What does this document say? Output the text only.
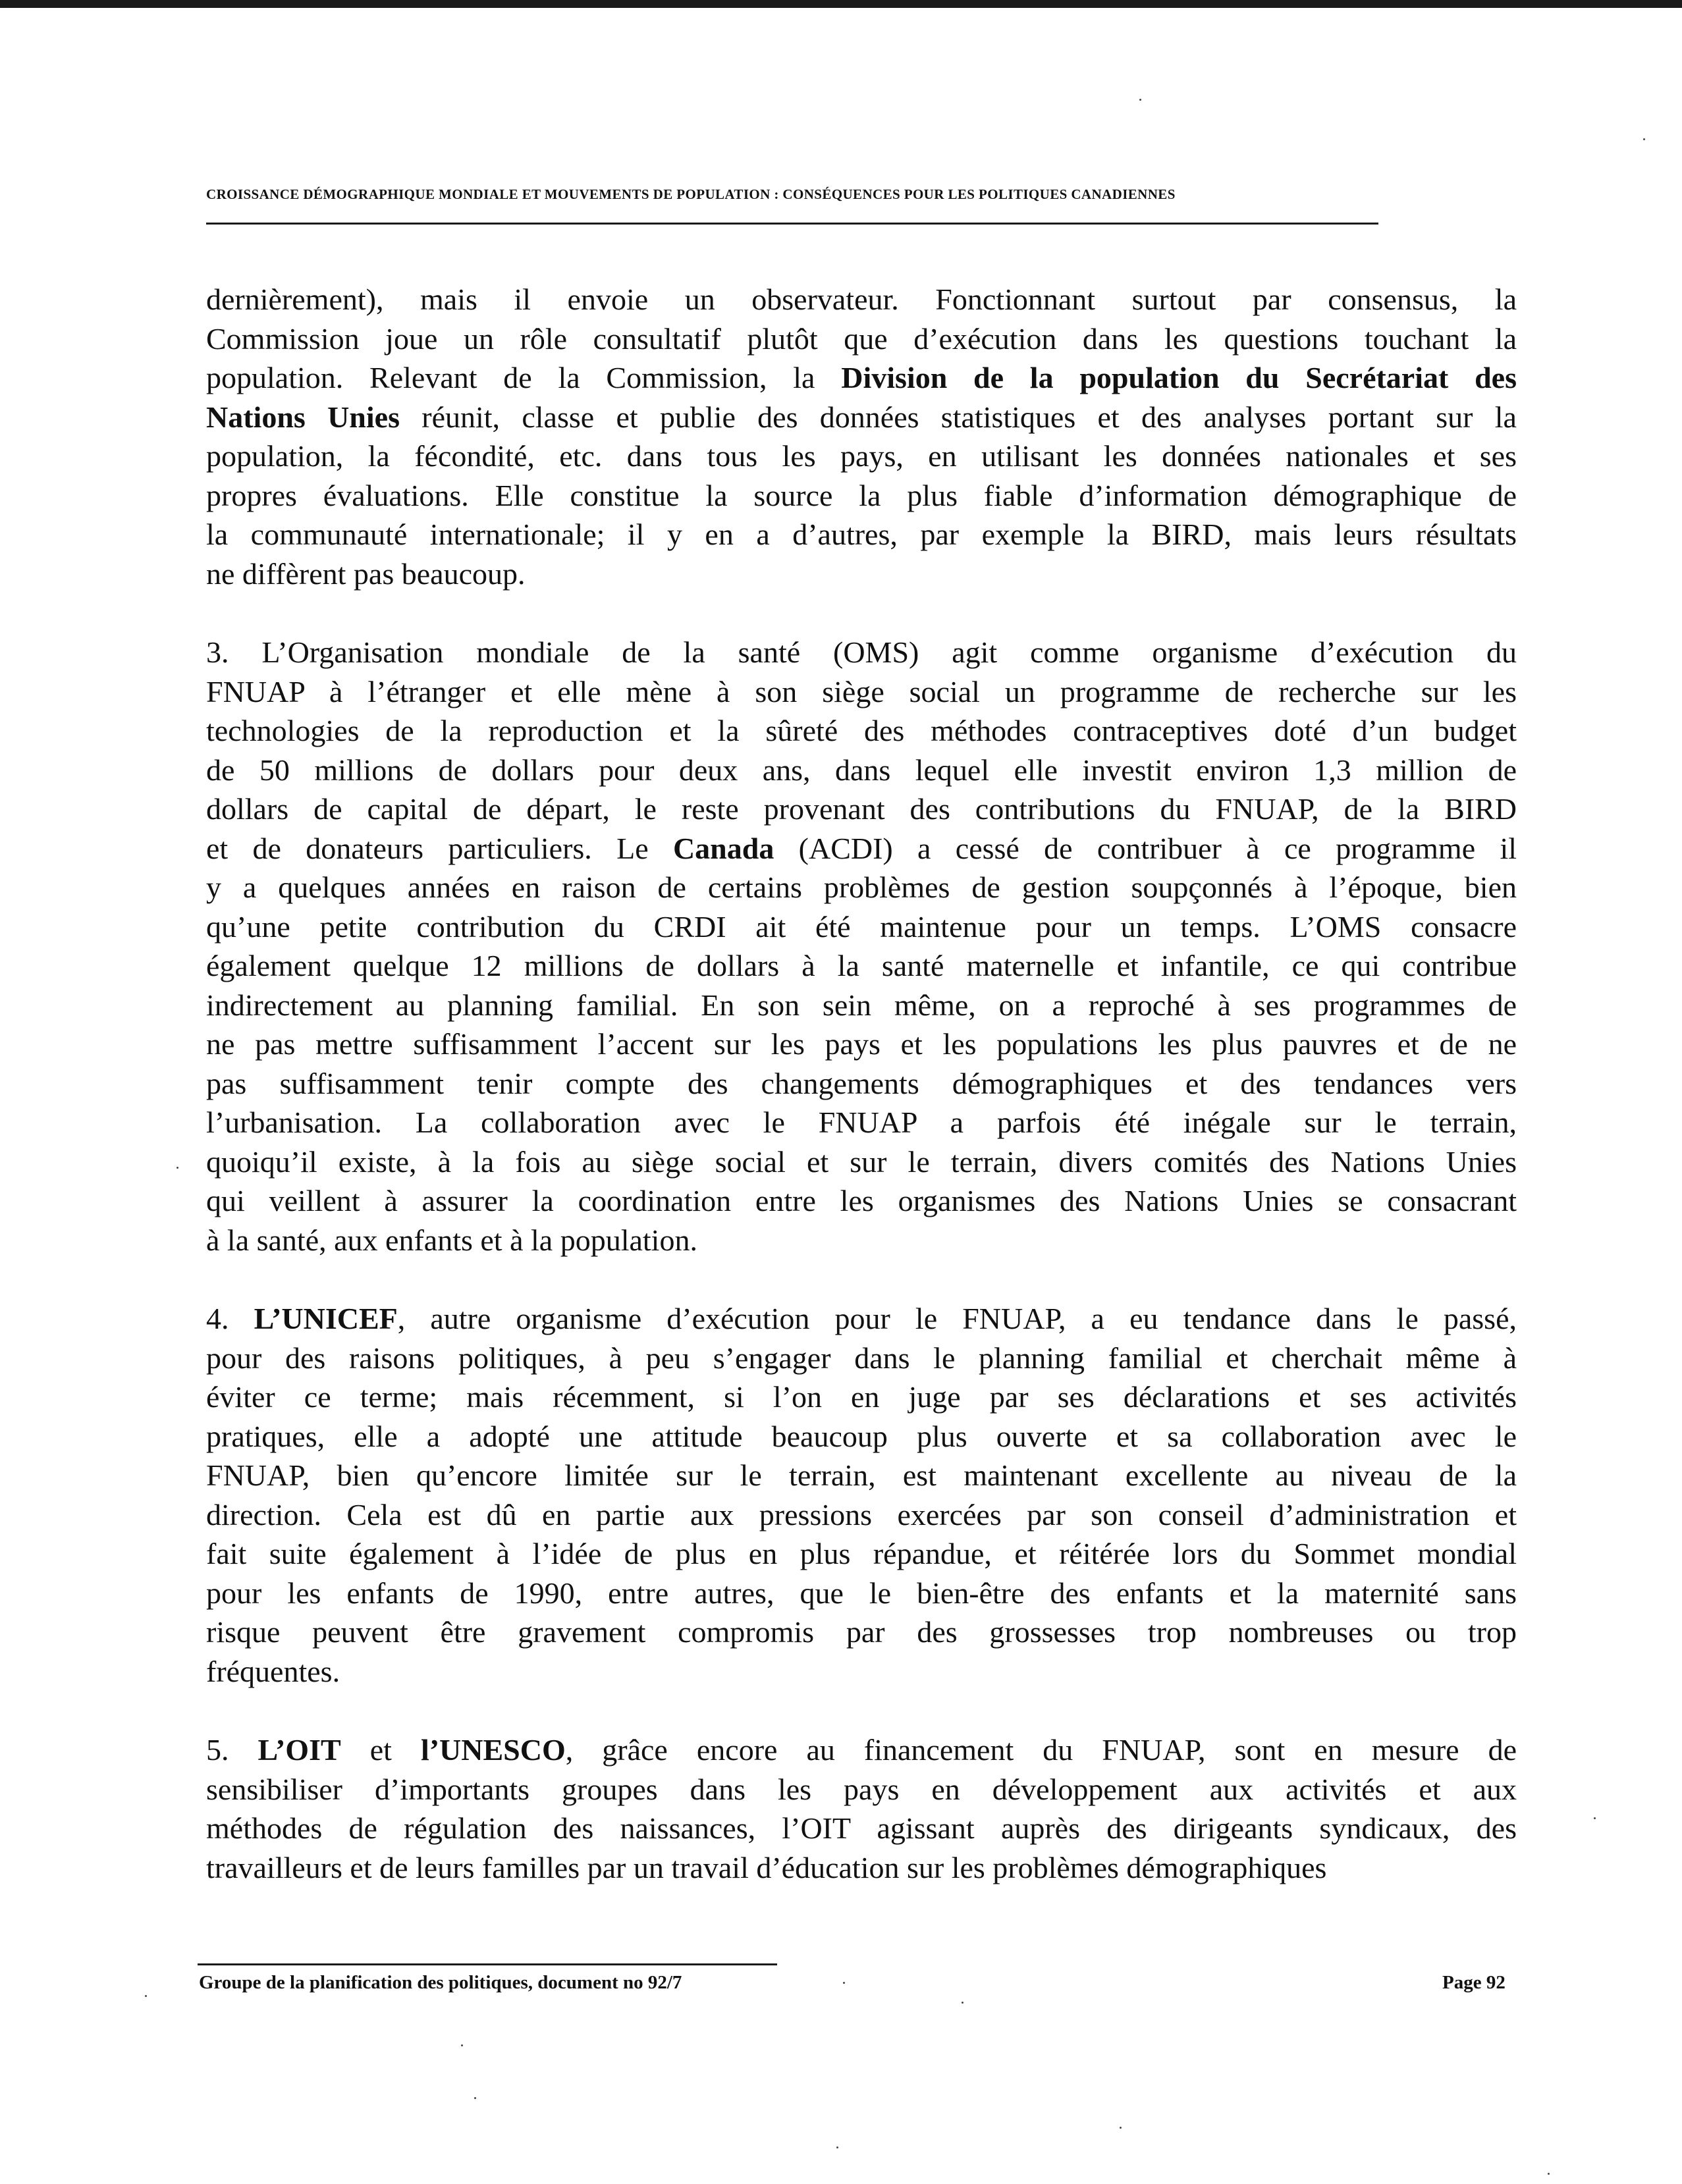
CROISSANCE DÉMOGRAPHIQUE MONDIALE ET MOUVEMENTS DE POPULATION : CONSÉQUENCES POUR LES POLITIQUES CANADIENNES
dernièrement), mais il envoie un observateur. Fonctionnant surtout par consensus, la
Commission joue un rôle consultatif plutôt que d’exécution dans les questions touchant la
population. Relevant de la Commission, la Division de la population du Secrétariat des
Nations Unies réunit, classe et publie des données statistiques et des analyses portant sur la
population, la fécondité, etc. dans tous les pays, en utilisant les données nationales et ses
propres évaluations. Elle constitue la source la plus fiable d’information démographique de
la communauté internationale; il y en a d’autres, par exemple la BIRD, mais leurs résultats
ne diffèrent pas beaucoup.
3. L’Organisation mondiale de la santé (OMS) agit comme organisme d’exécution du
FNUAP à l’étranger et elle mène à son siège social un programme de recherche sur les
technologies de la reproduction et la sûreté des méthodes contraceptives doté d’un budget
de 50 millions de dollars pour deux ans, dans lequel elle investit environ 1,3 million de
dollars de capital de départ, le reste provenant des contributions du FNUAP, de la BIRD
et de donateurs particuliers. Le Canada (ACDI) a cessé de contribuer à ce programme il
y a quelques années en raison de certains problèmes de gestion soupçonnés à l’époque, bien
qu’une petite contribution du CRDI ait été maintenue pour un temps. L’OMS consacre
également quelque 12 millions de dollars à la santé maternelle et infantile, ce qui contribue
indirectement au planning familial. En son sein même, on a reproché à ses programmes de
ne pas mettre suffisamment l’accent sur les pays et les populations les plus pauvres et de ne
pas suffisamment tenir compte des changements démographiques et des tendances vers
l’urbanisation. La collaboration avec le FNUAP a parfois été inégale sur le terrain,
quoiqu’il existe, à la fois au siège social et sur le terrain, divers comités des Nations Unies
qui veillent à assurer la coordination entre les organismes des Nations Unies se consacrant
à la santé, aux enfants et à la population.
4. L’UNICEF, autre organisme d’exécution pour le FNUAP, a eu tendance dans le passé,
pour des raisons politiques, à peu s’engager dans le planning familial et cherchait même à
éviter ce terme; mais récemment, si l’on en juge par ses déclarations et ses activités
pratiques, elle a adopté une attitude beaucoup plus ouverte et sa collaboration avec le
FNUAP, bien qu’encore limitée sur le terrain, est maintenant excellente au niveau de la
direction. Cela est dû en partie aux pressions exercées par son conseil d’administration et
fait suite également à l’idée de plus en plus répandue, et réitérée lors du Sommet mondial
pour les enfants de 1990, entre autres, que le bien-être des enfants et la maternité sans
risque peuvent être gravement compromis par des grossesses trop nombreuses ou trop
fréquentes.
5. L’OIT et l’UNESCO, grâce encore au financement du FNUAP, sont en mesure de
sensibiliser d’importants groupes dans les pays en développement aux activités et aux
méthodes de régulation des naissances, l’OIT agissant auprès des dirigeants syndicaux, des
travailleurs et de leurs familles par un travail d’éducation sur les problèmes démographiques
Groupe de la planification des politiques, document no 92/7	Page 92
